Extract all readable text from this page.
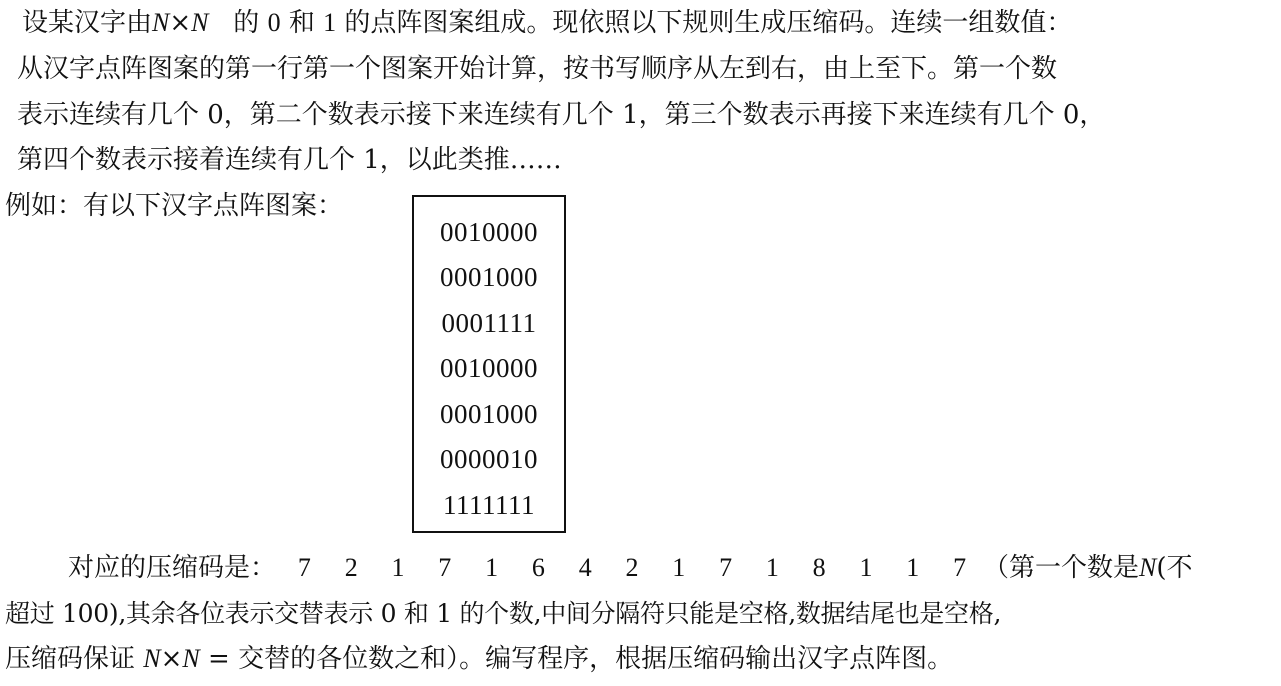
设某汉字由N×N 的 0 和 1 的点阵图案组成。现依照以下规则生成压缩码。连续一组数值：
从汉字点阵图案的第一行第一个图案开始计算，按书写顺序从左到右，由上至下。第一个数
表示连续有几个 0，第二个数表示接下来连续有几个 1，第三个数表示再接下来连续有几个 0，
第四个数表示接着连续有几个 1，以此类推……
例如：有以下汉字点阵图案：
0010000
0001000
0001111
0010000
0001000
0000010
1111111
对应的压缩码是： 7 2 1 7 1 6 4 2 1 7 1 8 1 1 7 （第一个数是N(不
超过 100),其余各位表示交替表示 0 和 1 的个数,中间分隔符只能是空格,数据结尾也是空格,
压缩码保证 N×N = 交替的各位数之和）。编写程序，根据压缩码输出汉字点阵图。
